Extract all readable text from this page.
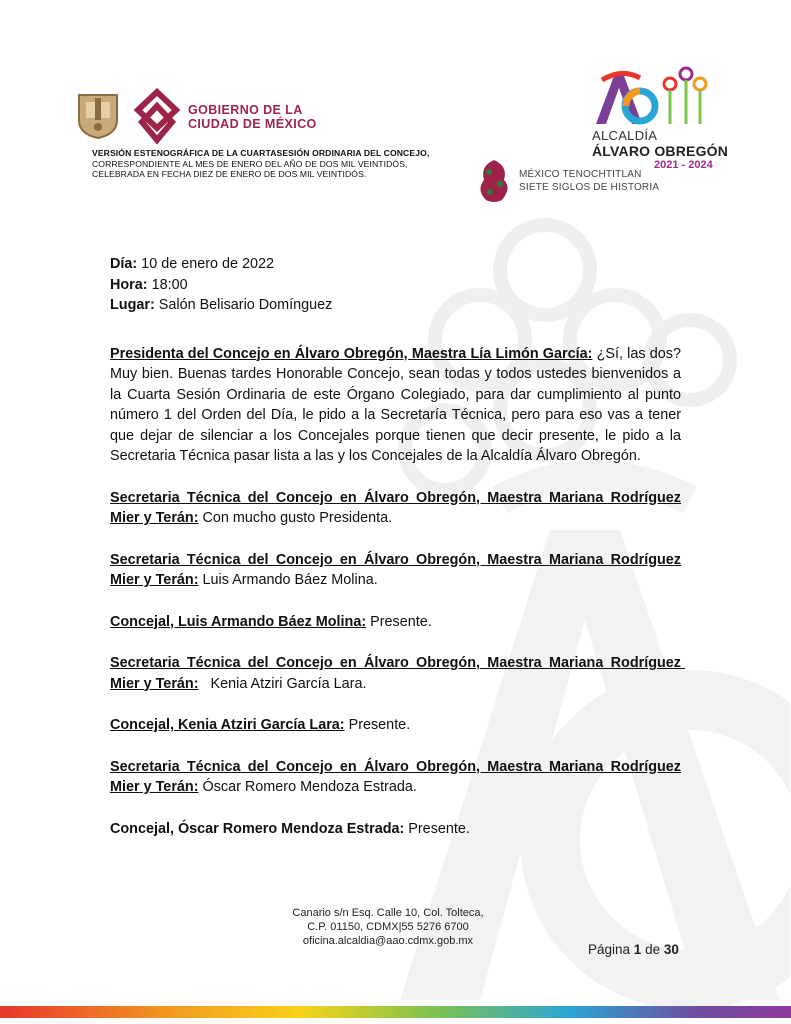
GOBIERNO DE LA
CIUDAD DE MÉXICO
VERSIÓN ESTENOGRÁFICA DE LA CUARTASESIÓN ORDINARIA DEL CONCEJO,
CORRESPONDIENTE AL MES DE ENERO DEL AÑO DE DOS MIL VEINTIDÓS,
CELEBRADA EN FECHA DIEZ DE ENERO DE DOS MIL VEINTIDÓS.
ALCALDÍA
ÁLVARO OBREGÓN
2021 - 2024
MÉXICO TENOCHTITLAN
SIETE SIGLOS DE HISTORIA

Día: 10 de enero de 2022

Hora: 18:00

Lugar: Salón Belisario Domínguez

Presidenta del Concejo en Álvaro Obregón, Maestra Lía Limón García: ¿Sí, las dos? Muy bien. Buenas tardes Honorable Concejo, sean todas y todos ustedes bienvenidos a la Cuarta Sesión Ordinaria de este Órgano Colegiado, para dar cumplimiento al punto número 1 del Orden del Día, le pido a la Secretaría Técnica, pero para eso vas a tener que dejar de silenciar a los Concejales porque tienen que decir presente, le pido a la Secretaria Técnica pasar lista a las y los Concejales de la Alcaldía Álvaro Obregón.

Secretaria Técnica del Concejo en Álvaro Obregón, Maestra Mariana Rodríguez Mier y Terán: Con mucho gusto Presidenta.

Secretaria Técnica del Concejo en Álvaro Obregón, Maestra Mariana Rodríguez Mier y Terán: Luis Armando Báez Molina.

Concejal, Luis Armando Báez Molina: Presente.

Secretaria Técnica del Concejo en Álvaro Obregón, Maestra Mariana Rodríguez Mier y Terán:   Kenia Atziri García Lara.

Concejal, Kenia Atziri García Lara: Presente.

Secretaria Técnica del Concejo en Álvaro Obregón, Maestra Mariana Rodríguez Mier y Terán: Óscar Romero Mendoza Estrada.

Concejal, Óscar Romero Mendoza Estrada: Presente.

Canario s/n Esq. Calle 10, Col. Tolteca,
C.P. 01150, CDMX|55 5276 6700
oficina.alcaldia@aao.cdmx.gob.mx
Página 1 de 30
